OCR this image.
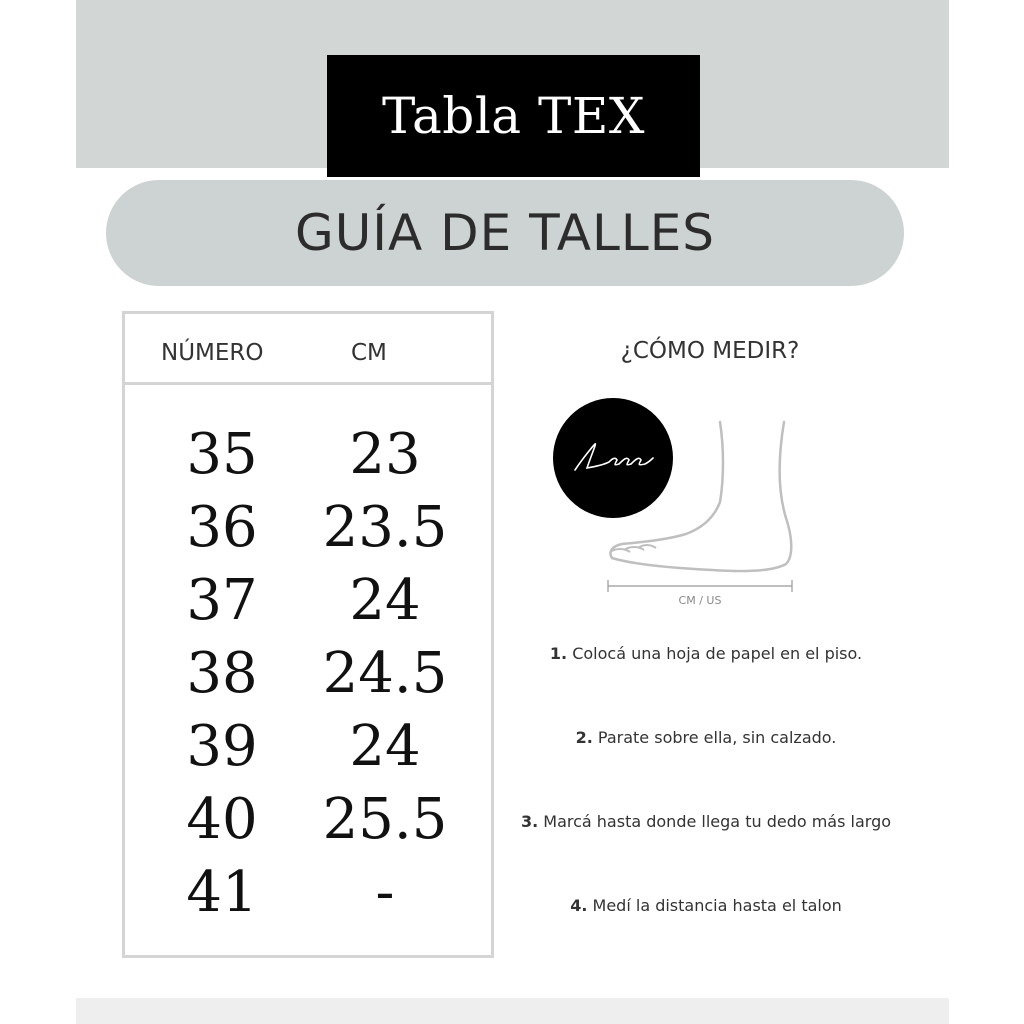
Tabla TEX
GUÍA DE TALLES
NÚMERO	CM
35	23
36	23.5
37	24
38	24.5
39	24
40	25.5
41	-
¿CÓMO MEDIR?
CM / US
1. Colocá una hoja de papel en el piso.
2. Parate sobre ella, sin calzado.
3. Marcá hasta donde llega tu dedo más largo
4. Medí la distancia hasta el talon
